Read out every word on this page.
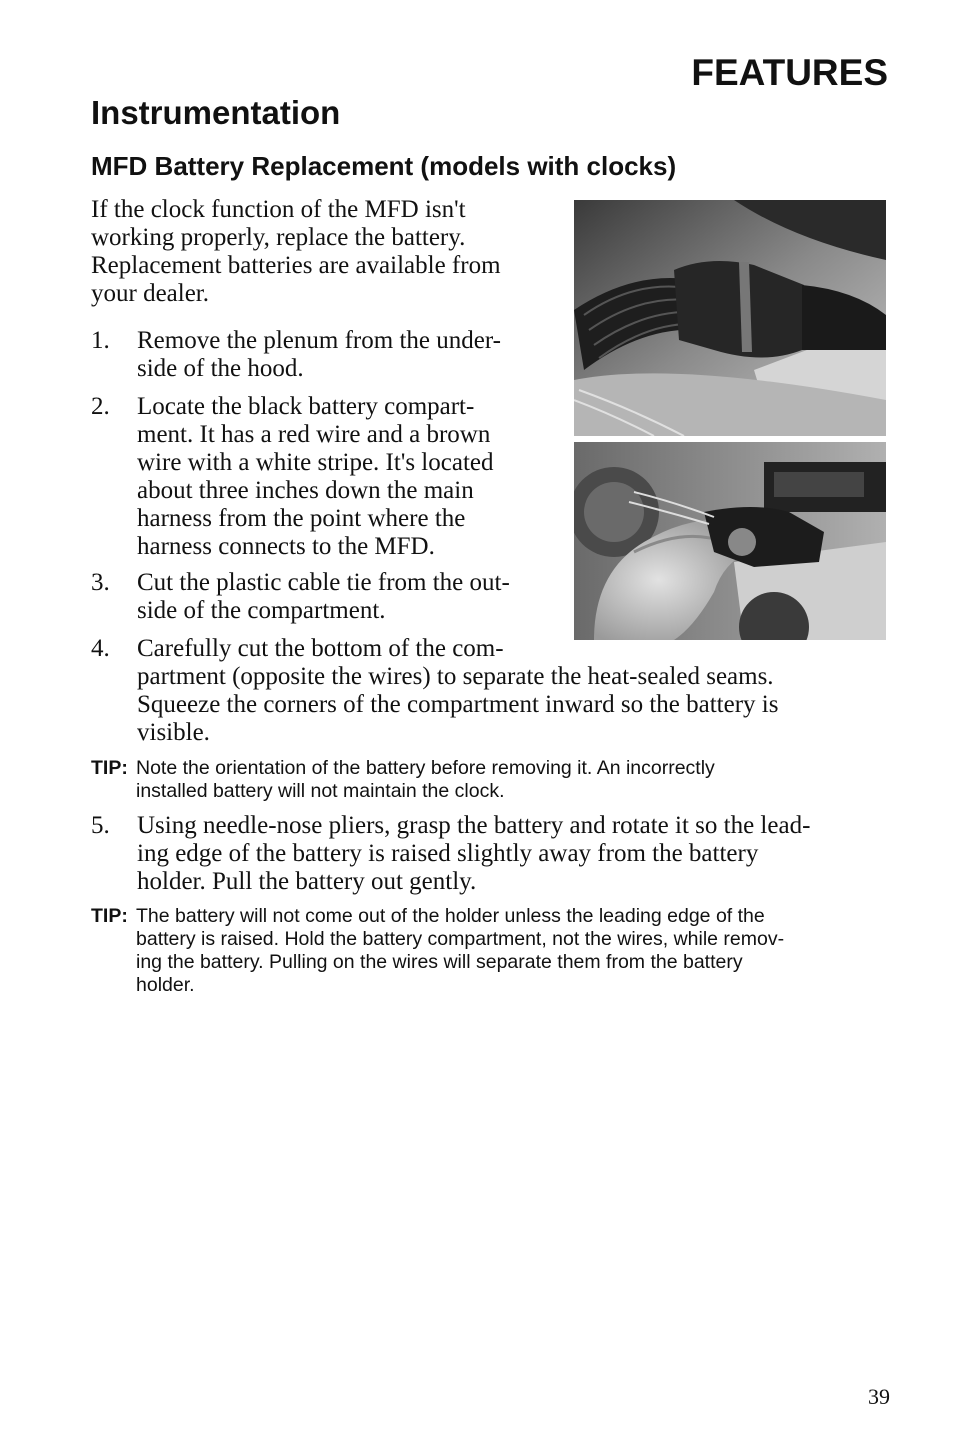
FEATURES
Instrumentation
MFD Battery Replacement (models with clocks)

If the clock function of the MFD isn't
working properly, replace the battery.
Replacement batteries are available from
your dealer.

1.	Remove the plenum from the under-
side of the hood.
2.	Locate the black battery compart-
ment. It has a red wire and a brown
wire with a white stripe. It's located
about three inches down the main
harness from the point where the
harness connects to the MFD.
3.	Cut the plastic cable tie from the out-
side of the compartment.
4.	Carefully cut the bottom of the com-
partment (opposite the wires) to separate the heat-sealed seams.
Squeeze the corners of the compartment inward so the battery is
visible.
TIP: Note the orientation of the battery before removing it. An incorrectly
installed battery will not maintain the clock.
5.	Using needle-nose pliers, grasp the battery and rotate it so the lead-
ing edge of the battery is raised slightly away from the battery
holder. Pull the battery out gently.
TIP: The battery will not come out of the holder unless the leading edge of the
battery is raised. Hold the battery compartment, not the wires, while remov-
ing the battery. Pulling on the wires will separate them from the battery
holder.

39
